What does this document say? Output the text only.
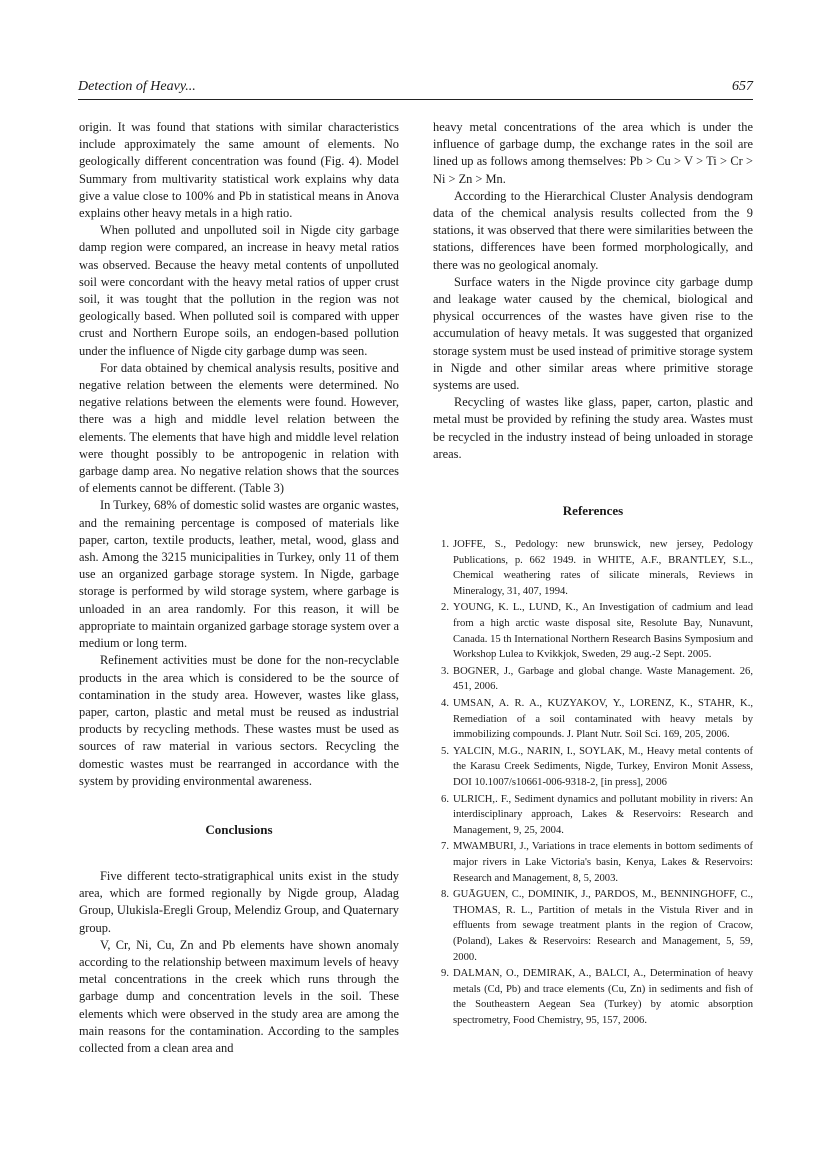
Detection of Heavy...	657

origin. It was found that stations with similar characteristics include approximately the same amount of elements. No geologically different concentration was found (Fig. 4). Model Summary from multivarity statistical work explains why data give a value close to 100% and Pb in statistical means in Anova explains other heavy metals in a high ratio.

When polluted and unpolluted soil in Nigde city garbage damp region were compared, an increase in heavy metal ratios was observed. Because the heavy metal contents of unpolluted soil were concordant with the heavy metal ratios of upper crust soil, it was tought that the pollution in the region was not geologically based. When polluted soil is compared with upper crust and Northern Europe soils, an endogen-based pollution under the influence of Nigde city garbage dump was seen.

For data obtained by chemical analysis results, positive and negative relation between the elements were determined. No negative relations between the elements were found. However, there was a high and middle level relation between the elements. The elements that have high and middle level relation were thought possibly to be antropogenic in relation with garbage damp area. No negative relation shows that the sources of elements cannot be different. (Table 3)

In Turkey, 68% of domestic solid wastes are organic wastes, and the remaining percentage is composed of materials like paper, carton, textile products, leather, metal, wood, glass and ash. Among the 3215 municipalities in Turkey, only 11 of them use an organized garbage storage system. In Nigde, garbage storage is performed by wild storage system, where garbage is unloaded in an area randomly. For this reason, it will be appropriate to maintain organized garbage storage system over a medium or long term.

Refinement activities must be done for the non-recyclable products in the area which is considered to be the source of contamination in the study area. However, wastes like glass, paper, carton, plastic and metal must be reused as industrial products by recycling methods. These wastes must be used as sources of raw material in various sectors. Recycling the domestic wastes must be rearranged in accordance with the system by providing environmental awareness.

Conclusions

Five different tecto-stratigraphical units exist in the study area, which are formed regionally by Nigde group, Aladag Group, Ulukisla-Eregli Group, Melendiz Group, and Quaternary group.

V, Cr, Ni, Cu, Zn and Pb elements have shown anomaly according to the relationship between maximum levels of heavy metal concentrations in the creek which runs through the garbage dump and concentration levels in the soil. These elements which were observed in the study area are among the main reasons for the contamination. According to the samples collected from a clean area and

heavy metal concentrations of the area which is under the influence of garbage dump, the exchange rates in the soil are lined up as follows among themselves: Pb > Cu > V > Ti > Cr > Ni > Zn > Mn.

According to the Hierarchical Cluster Analysis dendogram data of the chemical analysis results collected from the 9 stations, it was observed that there were similarities between the stations, differences have been formed morphologically, and there was no geological anomaly.

Surface waters in the Nigde province city garbage dump and leakage water caused by the chemical, biological and physical occurrences of the wastes have given rise to the accumulation of heavy metals. It was suggested that organized storage system must be used instead of primitive storage system in Nigde and other similar areas where primitive storage systems are used.

Recycling of wastes like glass, paper, carton, plastic and metal must be provided by refining the study area. Wastes must be recycled in the industry instead of being unloaded in storage areas.

References
1. JOFFE, S., Pedology: new brunswick, new jersey, Pedology Publications, p. 662 1949. in WHITE, A.F., BRANTLEY, S.L., Chemical weathering rates of silicate minerals, Reviews in Mineralogy, 31, 407, 1994.
2. YOUNG, K. L., LUND, K., An Investigation of cadmium and lead from a high arctic waste disposal site, Resolute Bay, Nunavunt, Canada. 15 th International Northern Research Basins Symposium and Workshop Lulea to Kvikkjok, Sweden, 29 aug.-2 Sept. 2005.
3. BOGNER, J., Garbage and global change. Waste Management. 26, 451, 2006.
4. UMSAN, A. R. A., KUZYAKOV, Y., LORENZ, K., STAHR, K., Remediation of a soil contaminated with heavy metals by immobilizing compounds. J. Plant Nutr. Soil Sci. 169, 205, 2006.
5. YALCIN, M.G., NARIN, I., SOYLAK, M., Heavy metal contents of the Karasu Creek Sediments, Nigde, Turkey, Environ Monit Assess, DOI 10.1007/s10661-006-9318-2, [in press], 2006
6. ULRICH,. F., Sediment dynamics and pollutant mobility in rivers: An interdisciplinary approach, Lakes & Reservoirs: Research and Management, 9, 25, 2004.
7. MWAMBURI, J., Variations in trace elements in bottom sediments of major rivers in Lake Victoria's basin, Kenya, Lakes & Reservoirs: Research and Management, 8, 5, 2003.
8. GUĀGUEN, C., DOMINIK, J., PARDOS, M., BENNINGHOFF, C., THOMAS, R. L., Partition of metals in the Vistula River and in effluents from sewage treatment plants in the region of Cracow, (Poland), Lakes & Reservoirs: Research and Management, 5, 59, 2000.
9. DALMAN, O., DEMIRAK, A., BALCI, A., Determination of heavy metals (Cd, Pb) and trace elements (Cu, Zn) in sediments and fish of the Southeastern Aegean Sea (Turkey) by atomic absorption spectrometry, Food Chemistry, 95, 157, 2006.
